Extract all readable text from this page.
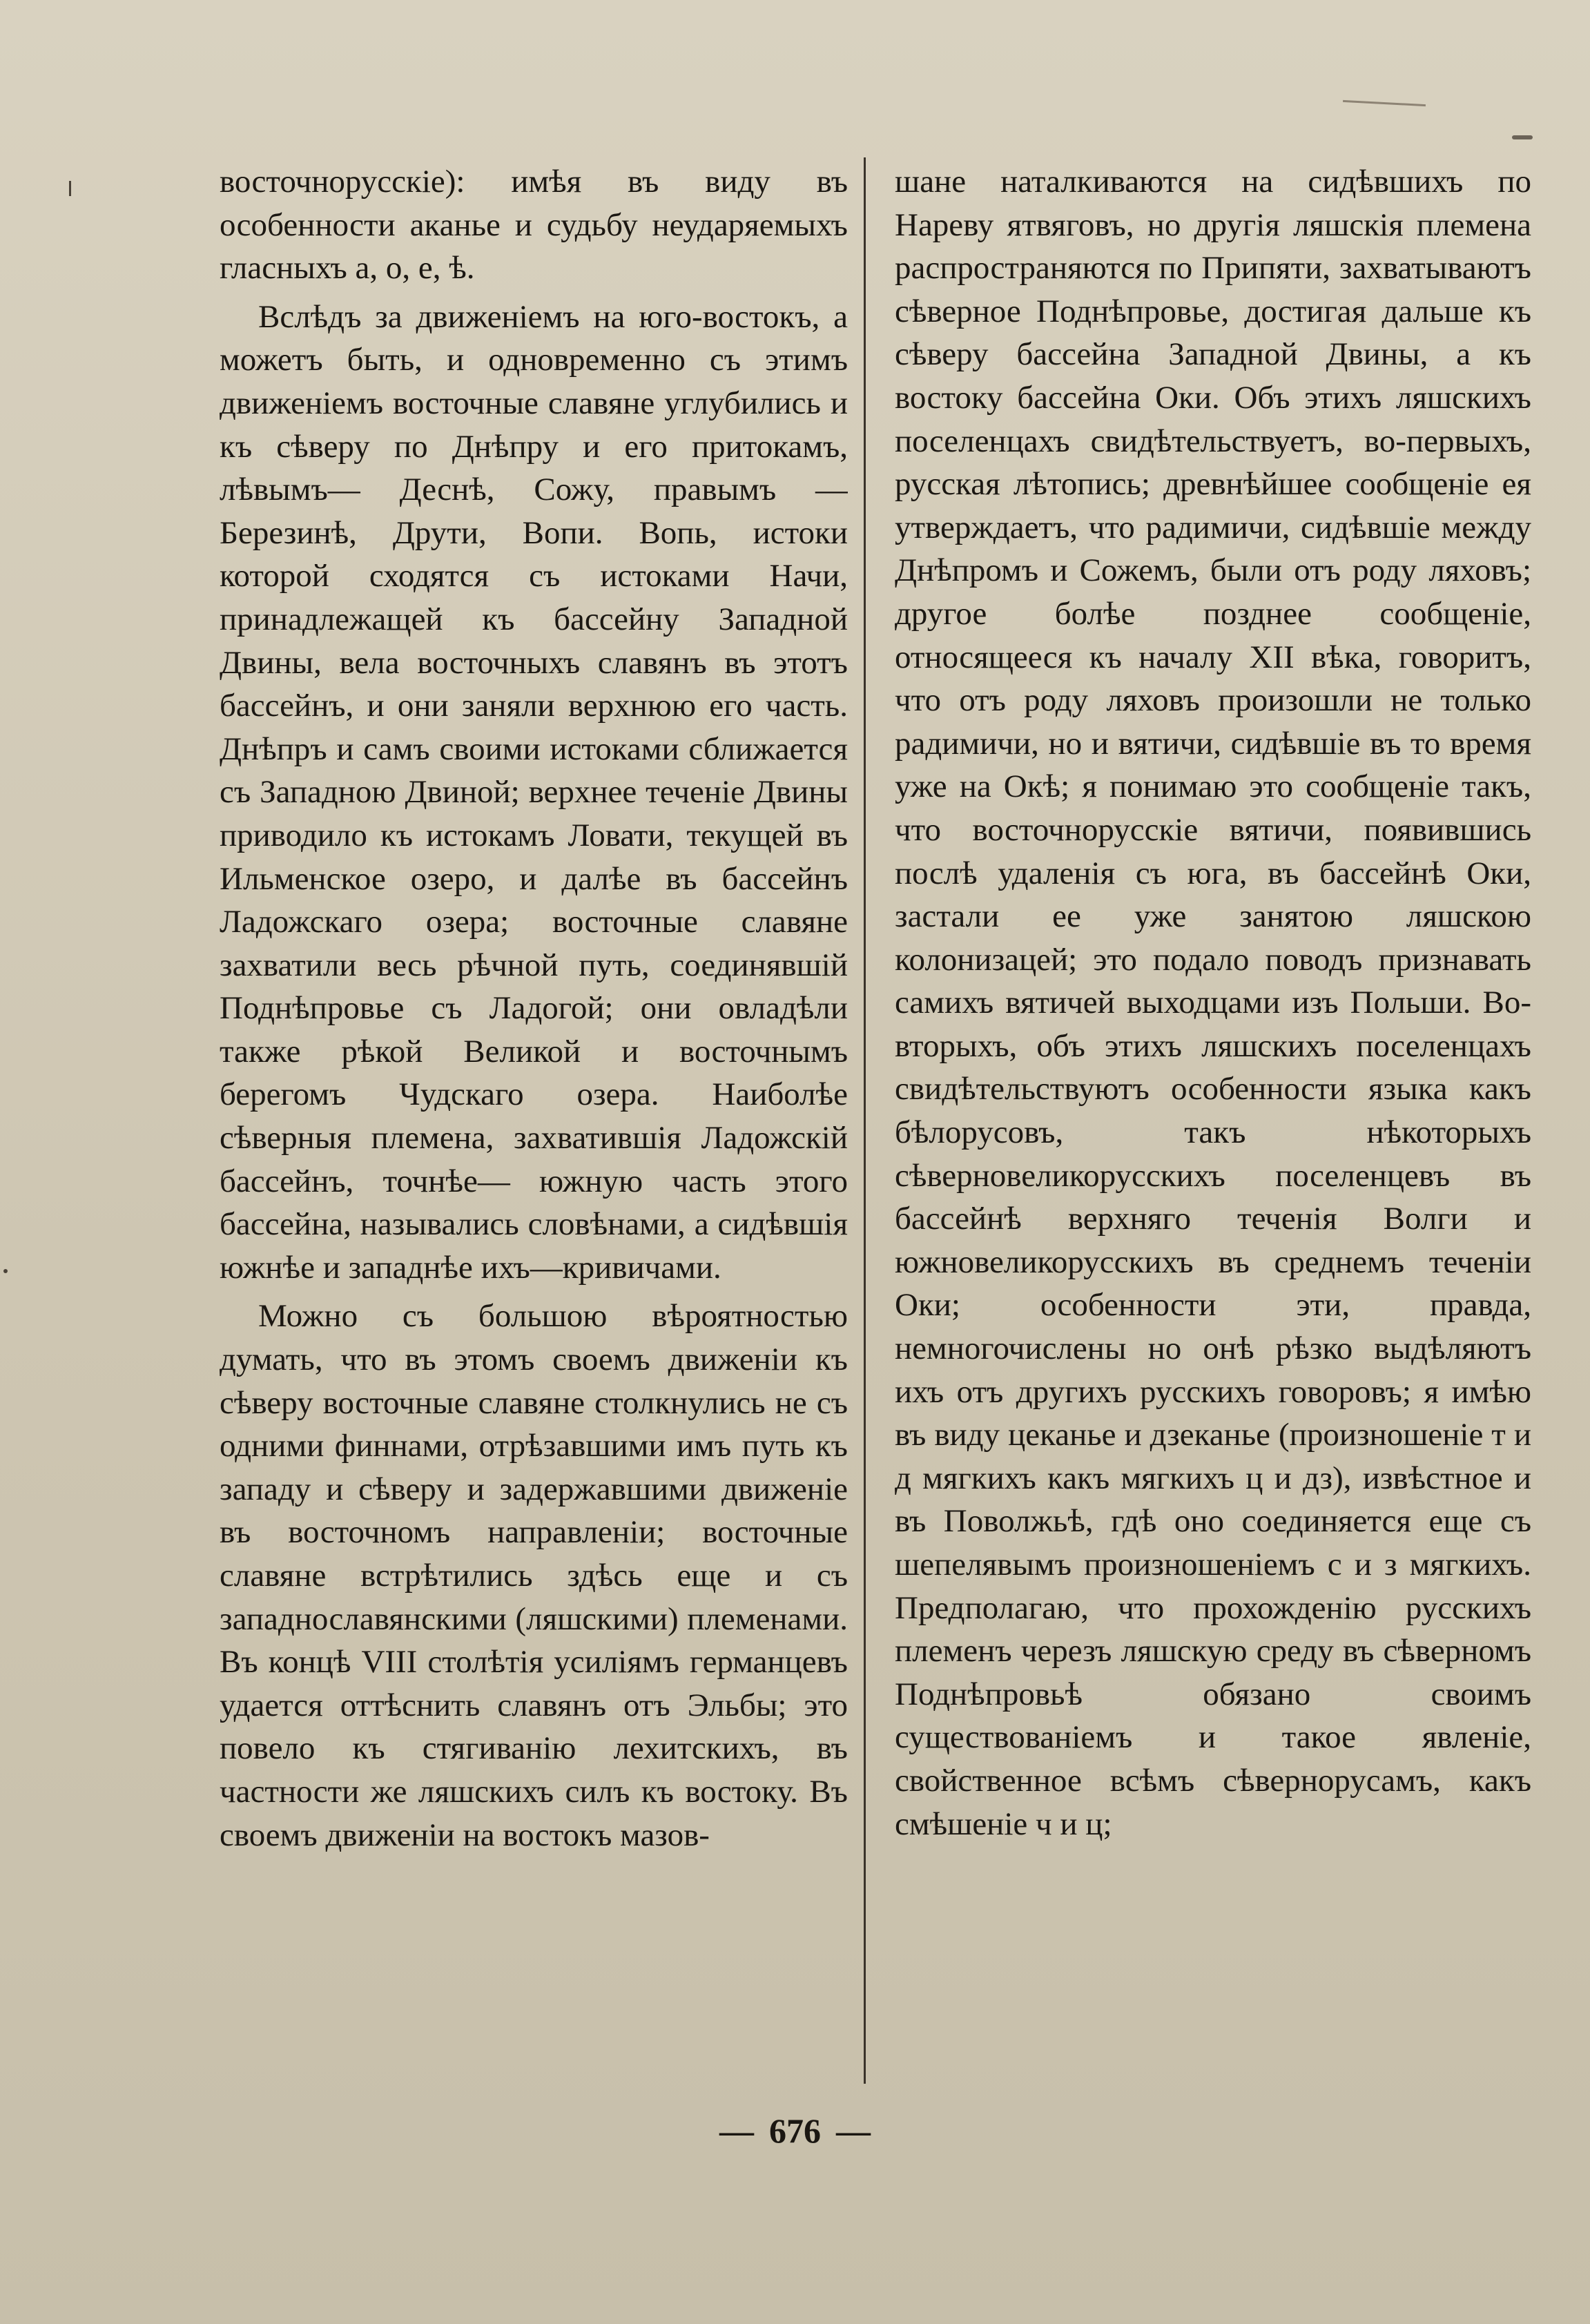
восточнорусскіе): имѣя въ виду въ особенности аканье и судьбу неударяемыхъ гласныхъ а, о, е, ѣ.

Вслѣдъ за движеніемъ на юго-востокъ, а можетъ быть, и одновременно съ этимъ движеніемъ восточные славяне углубились и къ сѣверу по Днѣпру и его притокамъ, лѣвымъ— Деснѣ, Сожу, правымъ — Березинѣ, Друти, Вопи. Вопь, истоки которой сходятся съ истоками Начи, принадлежащей къ бассейну Западной Двины, вела восточныхъ славянъ въ этотъ бассейнъ, и они заняли верхнюю его часть. Днѣпръ и самъ своими истоками сближается съ Западною Двиной; верхнее теченіе Двины приводило къ истокамъ Ловати, текущей въ Ильменское озеро, и далѣе въ бассейнъ Ладожскаго озера; восточные славяне захватили весь рѣчной путь, соединявшій Поднѣпровье съ Ладогой; они овладѣли также рѣкой Великой и восточнымъ берегомъ Чудскаго озера. Наиболѣе сѣверныя племена, захватившія Ладожскій бассейнъ, точнѣе— южную часть этого бассейна, назывались словѣнами, а сидѣвшія южнѣе и западнѣе ихъ—кривичами.

Можно съ большою вѣроятностью думать, что въ этомъ своемъ движеніи къ сѣверу восточные славяне столкнулись не съ одними финнами, отрѣзавшими имъ путь къ западу и сѣверу и задержавшими движеніе въ восточномъ направленіи; восточные славяне встрѣтились здѣсь еще и съ западнославянскими (ляшскими) племенами. Въ концѣ VIII столѣтія усиліямъ германцевъ удается оттѣснить славянъ отъ Эльбы; это повело къ стягиванію лехитскихъ, въ частности же ляшскихъ силъ къ востоку. Въ своемъ движеніи на востокъ мазов-

шане наталкиваются на сидѣвшихъ по Нареву ятвяговъ, но другія ляшскія племена распространяются по Припяти, захватываютъ сѣверное Поднѣпровье, достигая дальше къ сѣверу бассейна Западной Двины, а къ востоку бассейна Оки. Объ этихъ ляшскихъ поселенцахъ свидѣтельствуетъ, во-первыхъ, русская лѣтопись; древнѣйшее сообщеніе ея утверждаетъ, что радимичи, сидѣвшіе между Днѣпромъ и Сожемъ, были отъ роду ляховъ; другое болѣе позднее сообщеніе, относящееся къ началу XII вѣка, говоритъ, что отъ роду ляховъ произошли не только радимичи, но и вятичи, сидѣвшіе въ то время уже на Окѣ; я понимаю это сообщеніе такъ, что восточнорусскіе вятичи, появившись послѣ удаленія съ юга, въ бассейнѣ Оки, застали ее уже занятою ляшскою колонизацей; это подало поводъ признавать самихъ вятичей выходцами изъ Польши. Во-вторыхъ, объ этихъ ляшскихъ поселенцахъ свидѣтельствуютъ особенности языка какъ бѣлорусовъ, такъ нѣкоторыхъ сѣверновеликорусскихъ поселенцевъ въ бассейнѣ верхняго теченія Волги и южновеликорусскихъ въ среднемъ теченіи Оки; особенности эти, правда, немногочислены но онѣ рѣзко выдѣляютъ ихъ отъ другихъ русскихъ говоровъ; я имѣю въ виду цеканье и дзеканье (произношеніе т и д мягкихъ какъ мягкихъ ц и дз), извѣстное и въ Поволжьѣ, гдѣ оно соединяется еще съ шепелявымъ произношеніемъ с и з мягкихъ. Предполагаю, что прохожденію русскихъ племенъ черезъ ляшскую среду въ сѣверномъ Поднѣпровьѣ обязано своимъ существованіемъ и такое явленіе, свойственное всѣмъ сѣвернорусамъ, какъ смѣшеніе ч и ц;

— 676 —
